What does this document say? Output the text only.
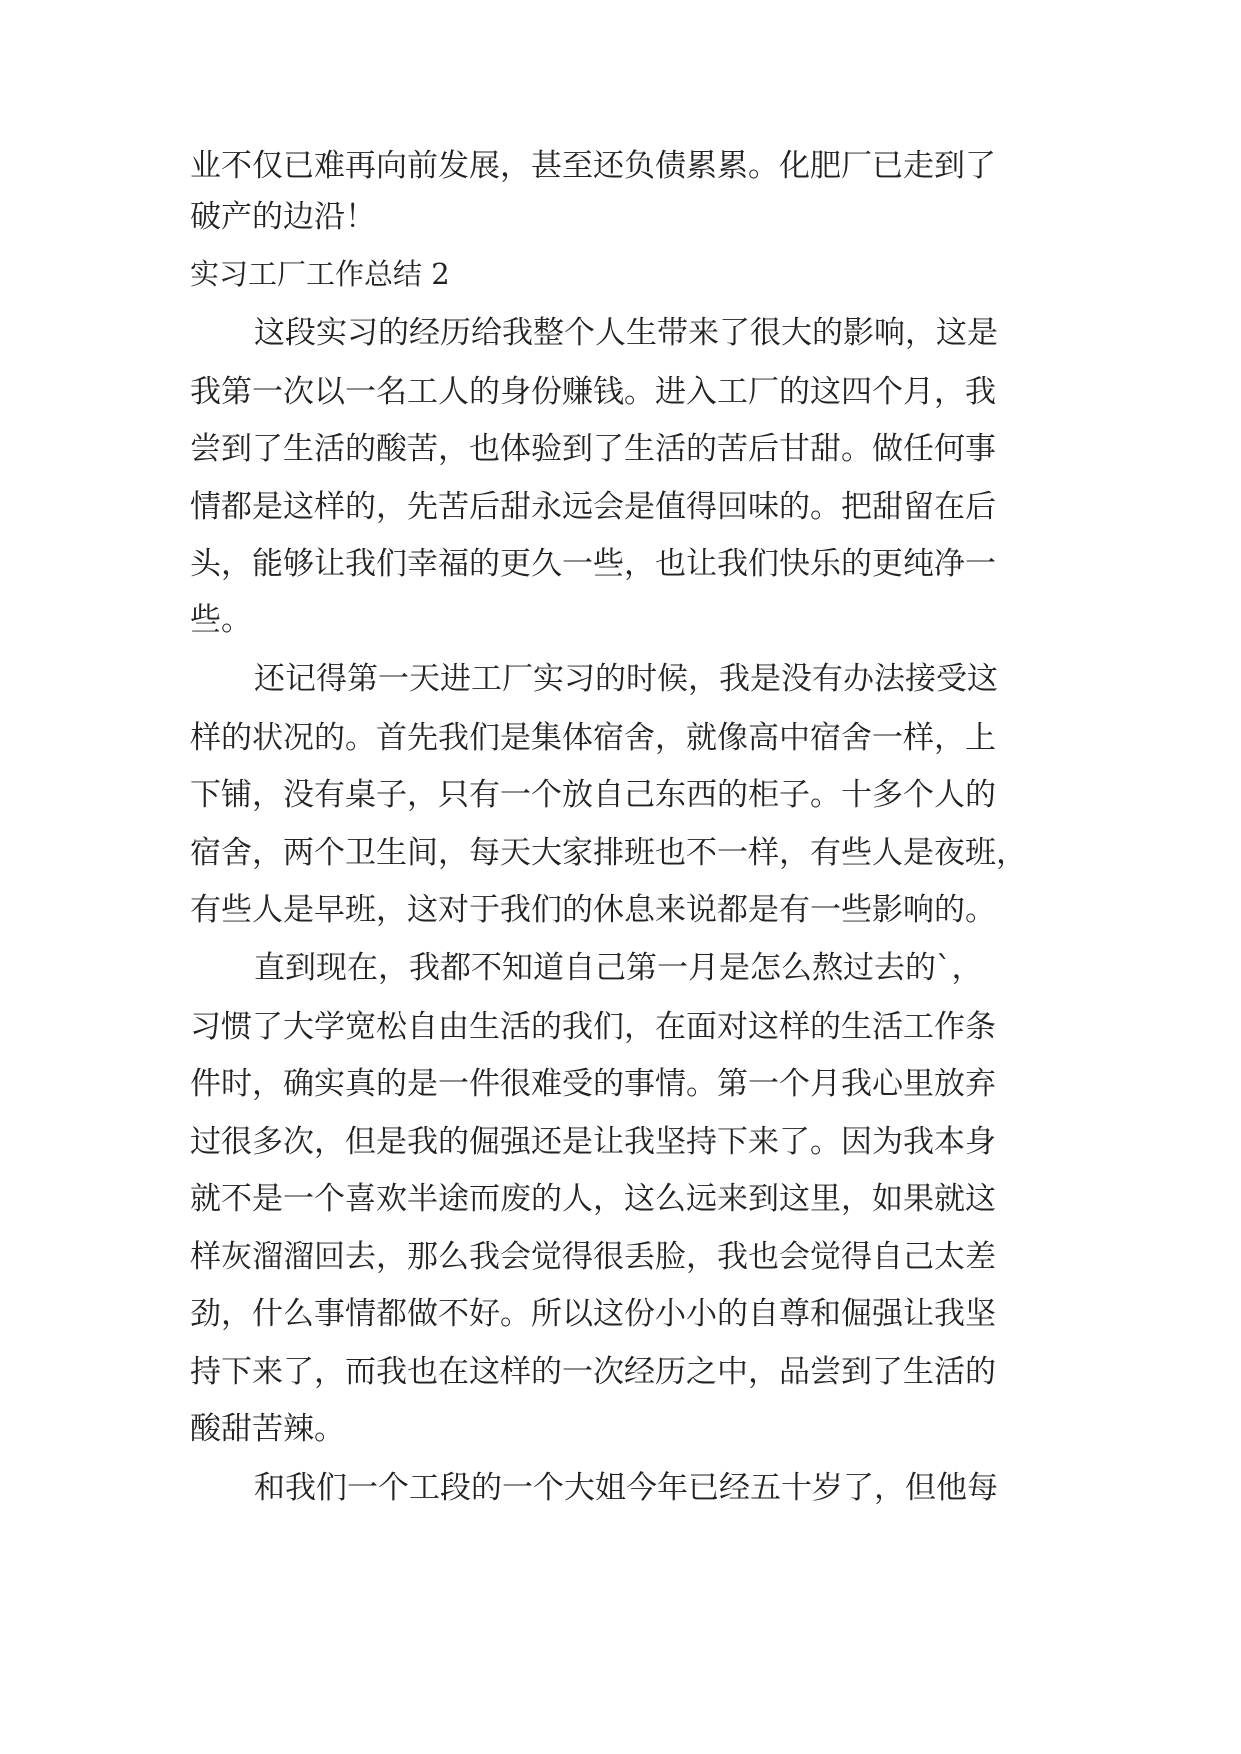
业不仅已难再向前发展，甚至还负债累累。化肥厂已走到了
破产的边沿！
实习工厂工作总结 2
这段实习的经历给我整个人生带来了很大的影响，这是
我第一次以一名工人的身份赚钱。进入工厂的这四个月，我
尝到了生活的酸苦，也体验到了生活的苦后甘甜。做任何事
情都是这样的，先苦后甜永远会是值得回味的。把甜留在后
头，能够让我们幸福的更久一些，也让我们快乐的更纯净一
些。
还记得第一天进工厂实习的时候，我是没有办法接受这
样的状况的。首先我们是集体宿舍，就像高中宿舍一样，上
下铺，没有桌子，只有一个放自己东西的柜子。十多个人的
宿舍，两个卫生间，每天大家排班也不一样，有些人是夜班，
有些人是早班，这对于我们的休息来说都是有一些影响的。
直到现在，我都不知道自己第一月是怎么熬过去的`，
习惯了大学宽松自由生活的我们，在面对这样的生活工作条
件时，确实真的是一件很难受的事情。第一个月我心里放弃
过很多次，但是我的倔强还是让我坚持下来了。因为我本身
就不是一个喜欢半途而废的人，这么远来到这里，如果就这
样灰溜溜回去，那么我会觉得很丢脸，我也会觉得自己太差
劲，什么事情都做不好。所以这份小小的自尊和倔强让我坚
持下来了，而我也在这样的一次经历之中，品尝到了生活的
酸甜苦辣。
和我们一个工段的一个大姐今年已经五十岁了，但他每
